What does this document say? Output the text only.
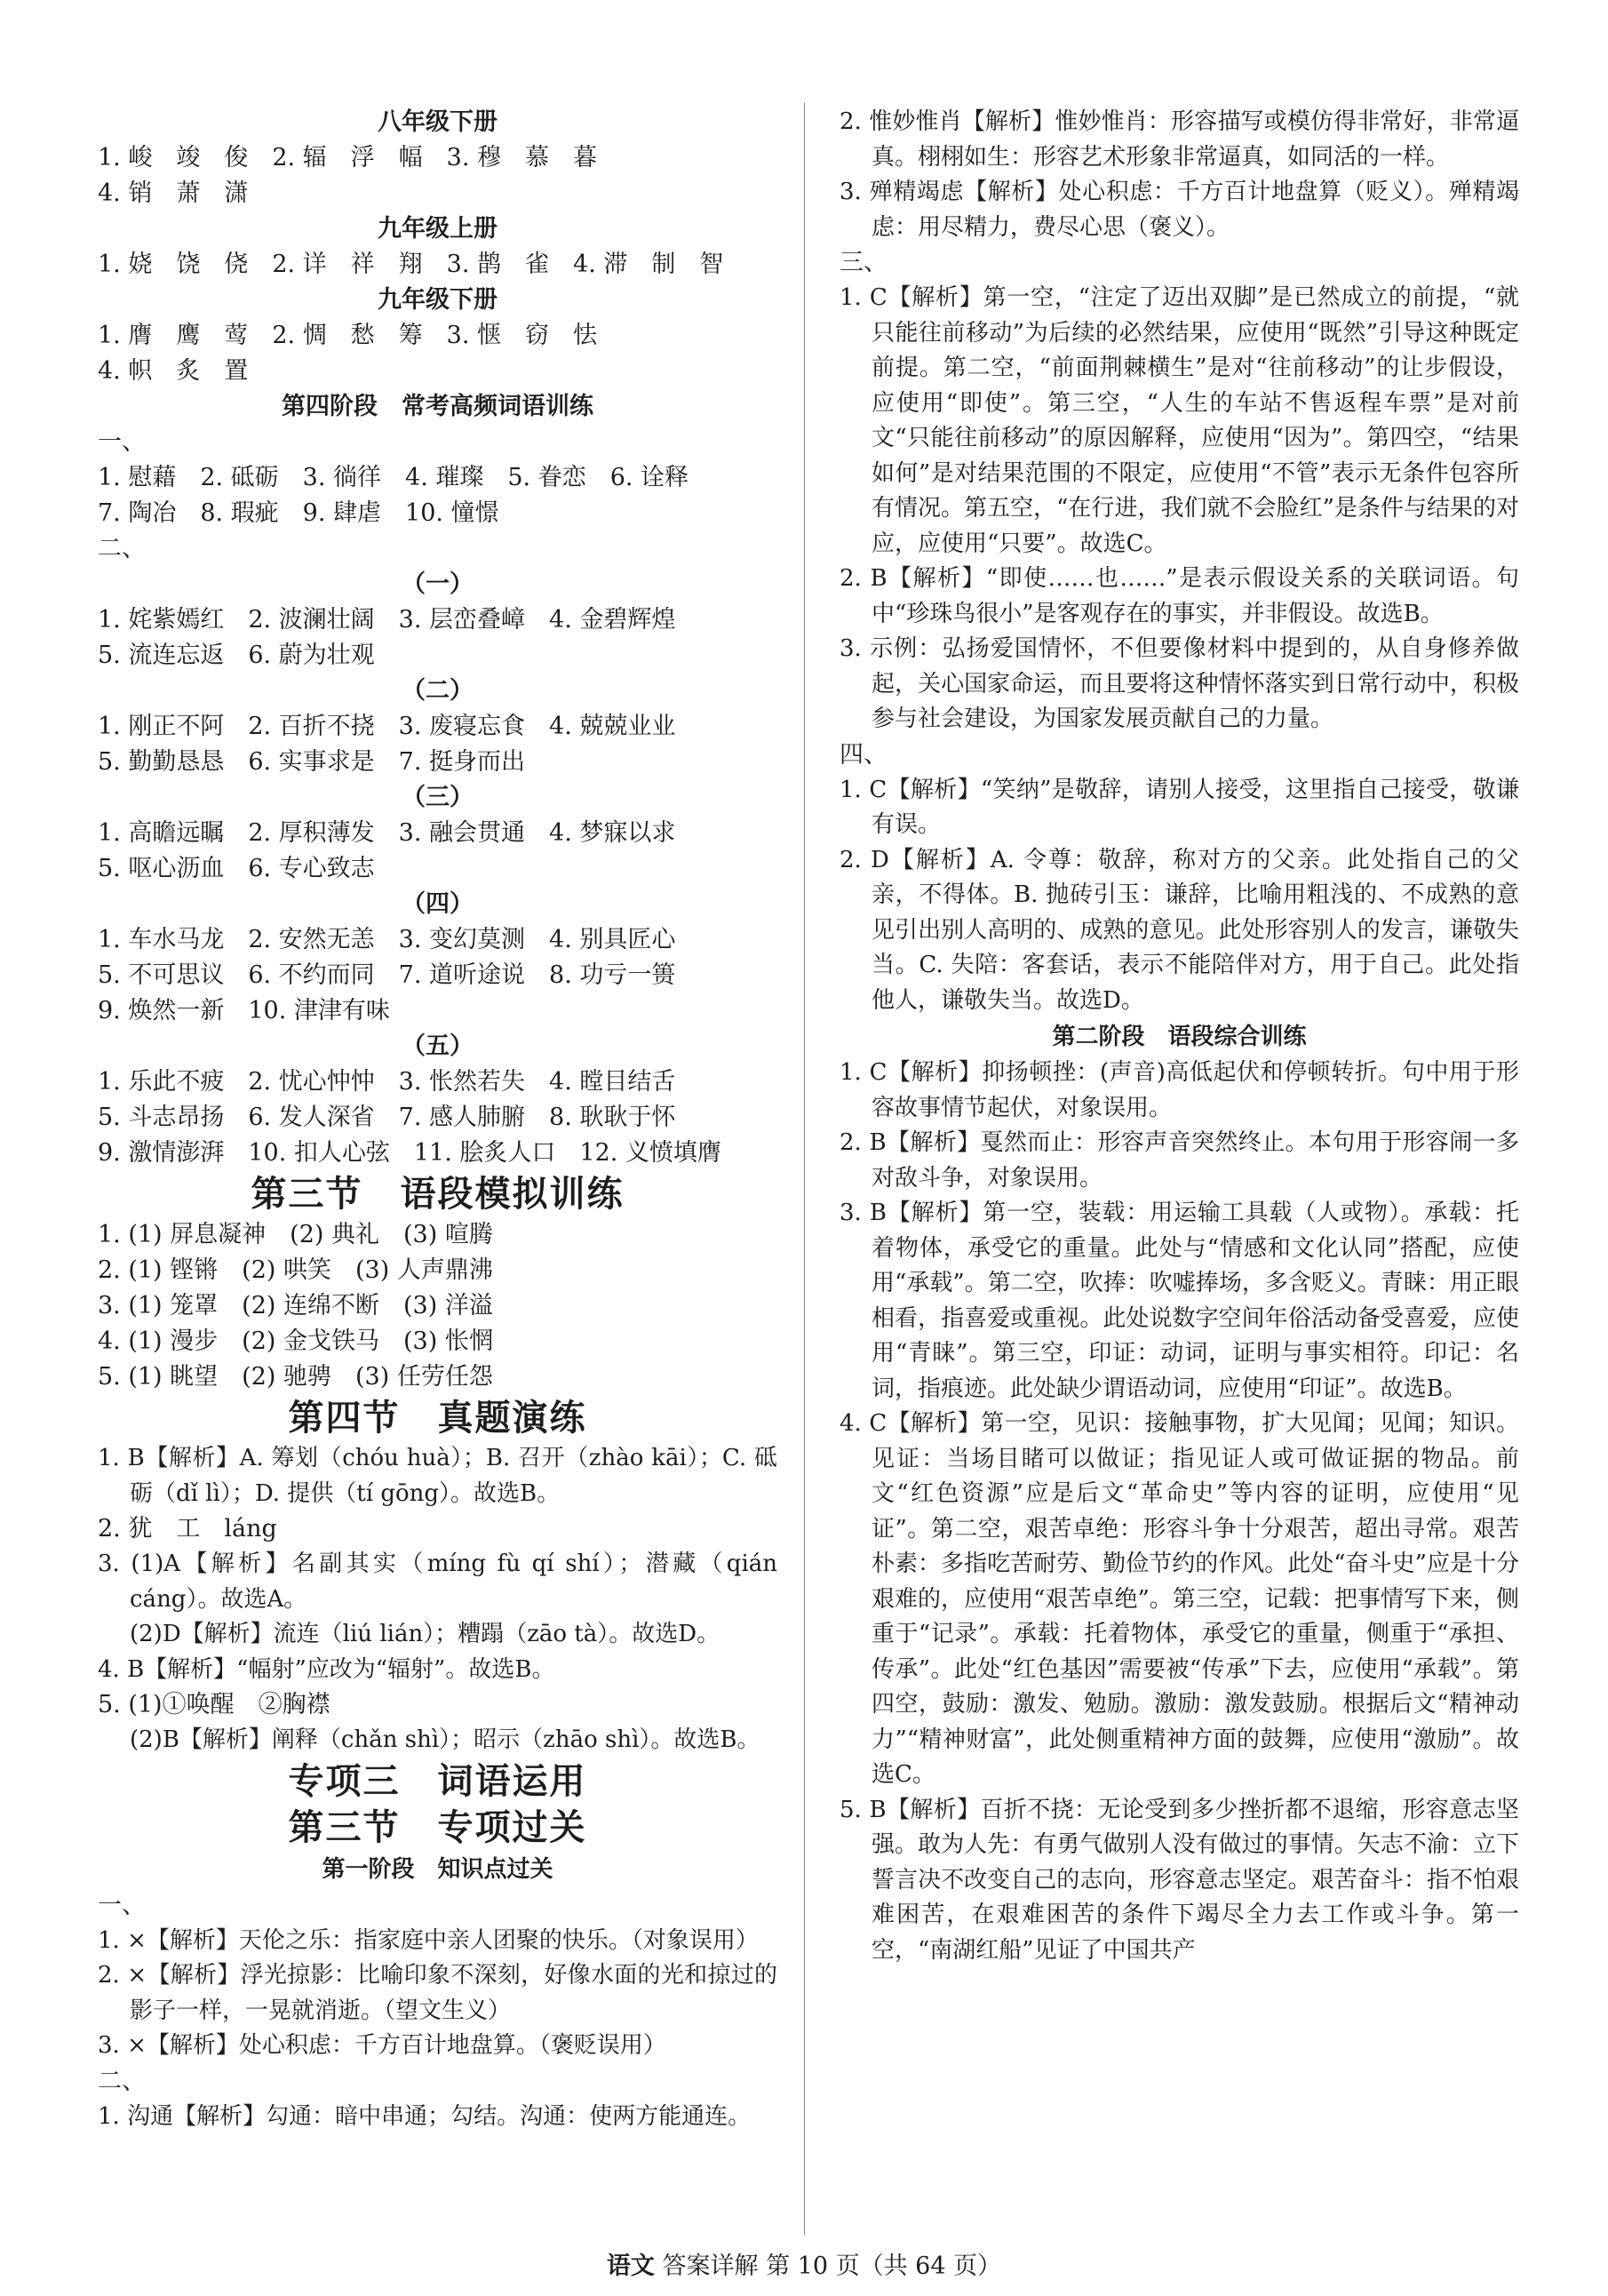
八年级下册
1. 峻　竣　俊　2. 辐　浮　幅　3. 穆　慕　暮
4. 销　萧　潇
九年级上册
1. 娆　饶　侥　2. 详　祥　翔　3. 鹊　雀　4. 滞　制　智
九年级下册
1. 膺　鹰　莺　2. 惆　愁　筹　3. 惬　窃　怯
4. 帜　炙　置
第四阶段　常考高频词语训练
一、
1. 慰藉　2. 砥砺　3. 徜徉　4. 璀璨　5. 眷恋　6. 诠释
7. 陶冶　8. 瑕疵　9. 肆虐　10. 憧憬
二、
（一）
1. 姹紫嫣红　2. 波澜壮阔　3. 层峦叠嶂　4. 金碧辉煌
5. 流连忘返　6. 蔚为壮观
（二）
1. 刚正不阿　2. 百折不挠　3. 废寝忘食　4. 兢兢业业
5. 勤勤恳恳　6. 实事求是　7. 挺身而出
（三）
1. 高瞻远瞩　2. 厚积薄发　3. 融会贯通　4. 梦寐以求
5. 呕心沥血　6. 专心致志
（四）
1. 车水马龙　2. 安然无恙　3. 变幻莫测　4. 别具匠心
5. 不可思议　6. 不约而同　7. 道听途说　8. 功亏一篑
9. 焕然一新　10. 津津有味
（五）
1. 乐此不疲　2. 忧心忡忡　3. 怅然若失　4. 瞠目结舌
5. 斗志昂扬　6. 发人深省　7. 感人肺腑　8. 耿耿于怀
9. 激情澎湃　10. 扣人心弦　11. 脍炙人口　12. 义愤填膺
第三节　语段模拟训练
1. (1) 屏息凝神　(2) 典礼　(3) 喧腾
2. (1) 铿锵　(2) 哄笑　(3) 人声鼎沸
3. (1) 笼罩　(2) 连绵不断　(3) 洋溢
4. (1) 漫步　(2) 金戈铁马　(3) 怅惘
5. (1) 眺望　(2) 驰骋　(3) 任劳任怨
第四节　真题演练
1. B【解析】A. 筹划（chóu huà）；B. 召开（zhào kāi）；C. 砥砺（dǐ lì）；D. 提供（tí gōng）。故选B。
2. 犹　工　láng
3. (1)A【解析】名副其实（míng fù qí shí）；潜藏（qián cáng）。故选A。
(2)D【解析】流连（liú lián）；糟蹋（zāo tà）。故选D。
4. B【解析】“幅射”应改为“辐射”。故选B。
5. (1)①唤醒　②胸襟
(2)B【解析】阐释（chǎn shì）；昭示（zhāo shì）。故选B。
专项三　词语运用
第三节　专项过关
第一阶段　知识点过关
一、
1. ×【解析】天伦之乐：指家庭中亲人团聚的快乐。（对象误用）
2. ×【解析】浮光掠影：比喻印象不深刻，好像水面的光和掠过的影子一样，一晃就消逝。（望文生义）
3. ×【解析】处心积虑：千方百计地盘算。（褒贬误用）
二、
1. 沟通【解析】勾通：暗中串通；勾结。沟通：使两方能通连。
2. 惟妙惟肖【解析】惟妙惟肖：形容描写或模仿得非常好，非常逼真。栩栩如生：形容艺术形象非常逼真，如同活的一样。
3. 殚精竭虑【解析】处心积虑：千方百计地盘算（贬义）。殚精竭虑：用尽精力，费尽心思（褒义）。
三、
1. C【解析】第一空，“注定了迈出双脚”是已然成立的前提，“就只能往前移动”为后续的必然结果，应使用“既然”引导这种既定前提。第二空，“前面荆棘横生”是对“往前移动”的让步假设，应使用“即使”。第三空，“人生的车站不售返程车票”是对前文“只能往前移动”的原因解释，应使用“因为”。第四空，“结果如何”是对结果范围的不限定，应使用“不管”表示无条件包容所有情况。第五空，“在行进，我们就不会脸红”是条件与结果的对应，应使用“只要”。故选C。
2. B【解析】“即使……也……”是表示假设关系的关联词语。句中“珍珠鸟很小”是客观存在的事实，并非假设。故选B。
3. 示例：弘扬爱国情怀，不但要像材料中提到的，从自身修养做起，关心国家命运，而且要将这种情怀落实到日常行动中，积极参与社会建设，为国家发展贡献自己的力量。
四、
1. C【解析】“笑纳”是敬辞，请别人接受，这里指自己接受，敬谦有误。
2. D【解析】A. 令尊：敬辞，称对方的父亲。此处指自己的父亲，不得体。B. 抛砖引玉：谦辞，比喻用粗浅的、不成熟的意见引出别人高明的、成熟的意见。此处形容别人的发言，谦敬失当。C. 失陪：客套话，表示不能陪伴对方，用于自己。此处指他人，谦敬失当。故选D。
第二阶段　语段综合训练
1. C【解析】抑扬顿挫：(声音)高低起伏和停顿转折。句中用于形容故事情节起伏，对象误用。
2. B【解析】戛然而止：形容声音突然终止。本句用于形容闹一多对敌斗争，对象误用。
3. B【解析】第一空，装载：用运输工具载（人或物）。承载：托着物体，承受它的重量。此处与“情感和文化认同”搭配，应使用“承载”。第二空，吹捧：吹嘘捧场，多含贬义。青睐：用正眼相看，指喜爱或重视。此处说数字空间年俗活动备受喜爱，应使用“青睐”。第三空，印证：动词，证明与事实相符。印记：名词，指痕迹。此处缺少谓语动词，应使用“印证”。故选B。
4. C【解析】第一空，见识：接触事物，扩大见闻；见闻；知识。见证：当场目睹可以做证；指见证人或可做证据的物品。前文“红色资源”应是后文“革命史”等内容的证明，应使用“见证”。第二空，艰苦卓绝：形容斗争十分艰苦，超出寻常。艰苦朴素：多指吃苦耐劳、勤俭节约的作风。此处“奋斗史”应是十分艰难的，应使用“艰苦卓绝”。第三空，记载：把事情写下来，侧重于“记录”。承载：托着物体，承受它的重量，侧重于“承担、传承”。此处“红色基因”需要被“传承”下去，应使用“承载”。第四空，鼓励：激发、勉励。激励：激发鼓励。根据后文“精神动力”“精神财富”，此处侧重精神方面的鼓舞，应使用“激励”。故选C。
5. B【解析】百折不挠：无论受到多少挫折都不退缩，形容意志坚强。敢为人先：有勇气做别人没有做过的事情。矢志不渝：立下誓言决不改变自己的志向，形容意志坚定。艰苦奋斗：指不怕艰难困苦，在艰难困苦的条件下竭尽全力去工作或斗争。第一空，“南湖红船”见证了中国共产
语文 答案详解 第 10 页（共 64 页）
